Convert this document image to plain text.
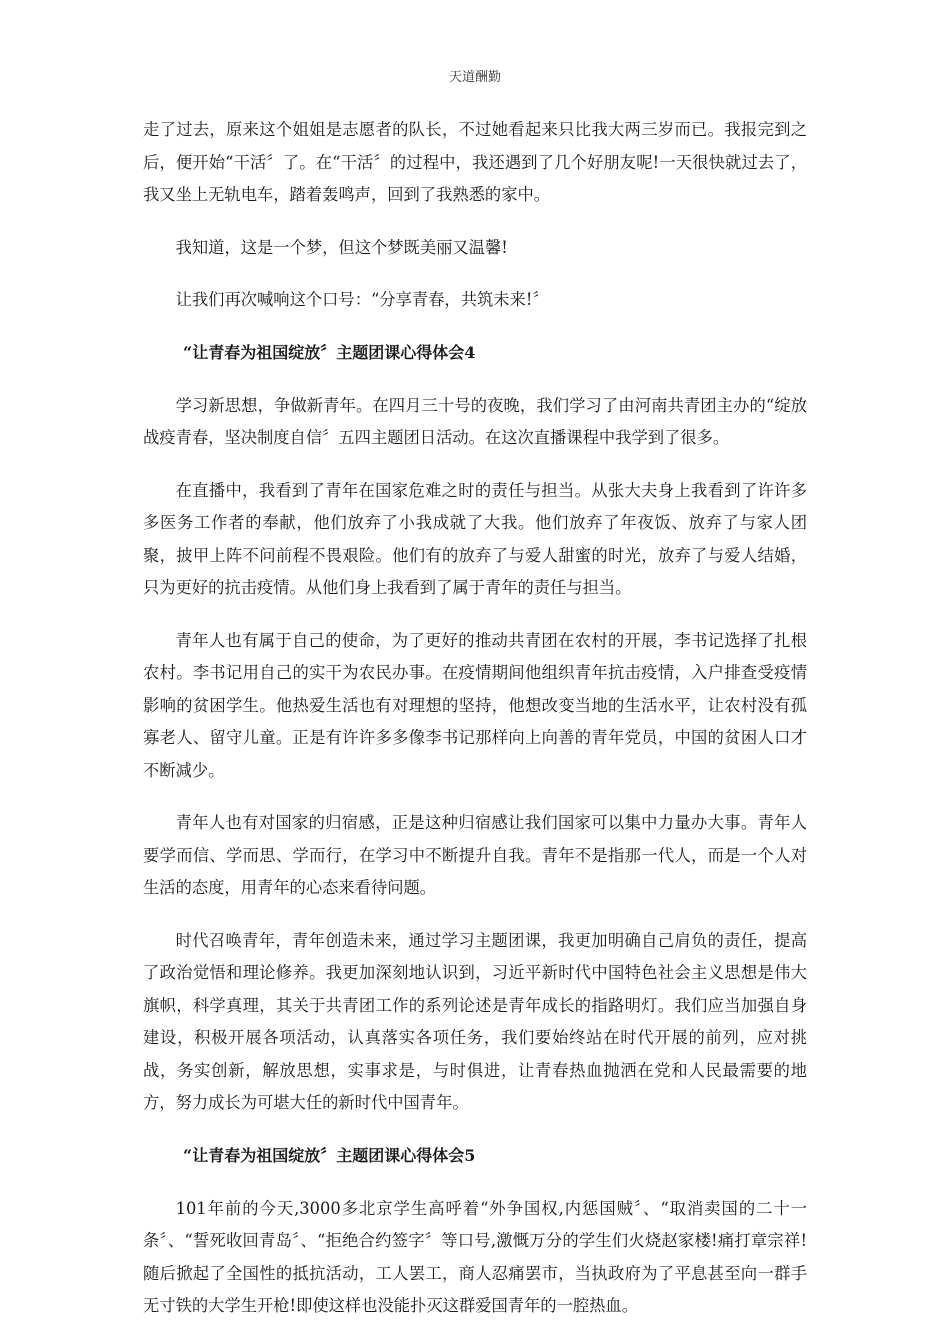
天道酬勤

走了过去，原来这个姐姐是志愿者的队长，不过她看起来只比我大两三岁而已。我报完到之后，便开始“干活〞了。在“干活〞的过程中，我还遇到了几个好朋友呢!一天很快就过去了，我又坐上无轨电车，踏着轰鸣声，回到了我熟悉的家中。

我知道，这是一个梦，但这个梦既美丽又温馨!

让我们再次喊响这个口号：“分享青春，共筑未来!〞

“让青春为祖国绽放〞主题团课心得体会4

学习新思想，争做新青年。在四月三十号的夜晚，我们学习了由河南共青团主办的“绽放战疫青春，坚决制度自信〞五四主题团日活动。在这次直播课程中我学到了很多。

在直播中，我看到了青年在国家危难之时的责任与担当。从张大夫身上我看到了许许多多医务工作者的奉献，他们放弃了小我成就了大我。他们放弃了年夜饭、放弃了与家人团聚，披甲上阵不问前程不畏艰险。他们有的放弃了与爱人甜蜜的时光，放弃了与爱人结婚，只为更好的抗击疫情。从他们身上我看到了属于青年的责任与担当。

青年人也有属于自己的使命，为了更好的推动共青团在农村的开展，李书记选择了扎根农村。李书记用自己的实干为农民办事。在疫情期间他组织青年抗击疫情，入户排查受疫情影响的贫困学生。他热爱生活也有对理想的坚持，他想改变当地的生活水平，让农村没有孤寡老人、留守儿童。正是有许许多多像李书记那样向上向善的青年党员，中国的贫困人口才不断减少。

青年人也有对国家的归宿感，正是这种归宿感让我们国家可以集中力量办大事。青年人要学而信、学而思、学而行，在学习中不断提升自我。青年不是指那一代人，而是一个人对生活的态度，用青年的心态来看待问题。

时代召唤青年，青年创造未来，通过学习主题团课，我更加明确自己肩负的责任，提高了政治觉悟和理论修养。我更加深刻地认识到，习近平新时代中国特色社会主义思想是伟大旗帜，科学真理，其关于共青团工作的系列论述是青年成长的指路明灯。我们应当加强自身建设，积极开展各项活动，认真落实各项任务，我们要始终站在时代开展的前列，应对挑战，务实创新，解放思想，实事求是，与时俱进，让青春热血抛洒在党和人民最需要的地方，努力成长为可堪大任的新时代中国青年。

“让青春为祖国绽放〞主题团课心得体会5

101年前的今天,3000多北京学生高呼着“外争国权,内惩国贼〞、“取消卖国的二十一条〞、“誓死收回青岛〞、“拒绝合约签字〞等口号,激慨万分的学生们火烧赵家楼!痛打章宗祥!随后掀起了全国性的抵抗活动，工人罢工，商人忍痛罢市，当执政府为了平息甚至向一群手无寸铁的大学生开枪!即使这样也没能扑灭这群爱国青年的一腔热血。
